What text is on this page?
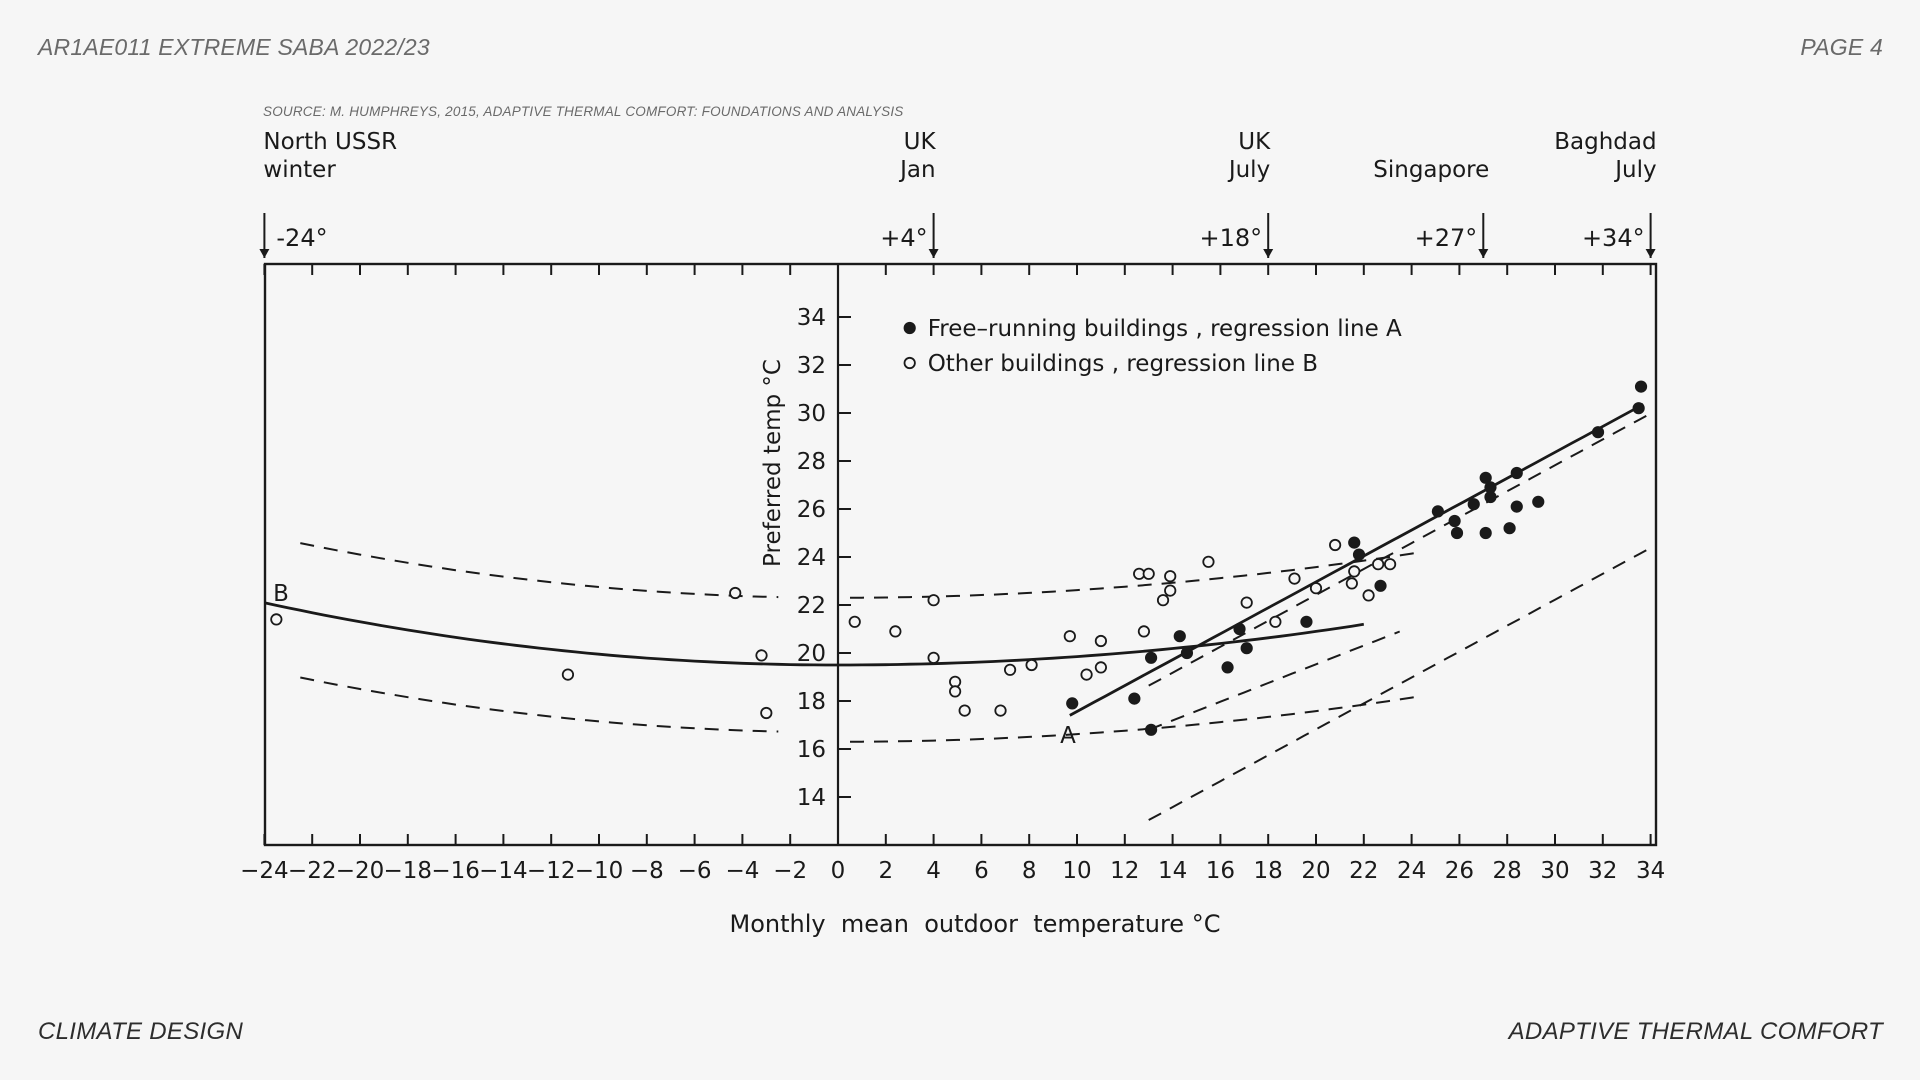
AR1AE011 EXTREME SABA 2022/23	PAGE 4
SOURCE: M. HUMPHREYS, 2015, ADAPTIVE THERMAL COMFORT: FOUNDATIONS AND ANALYSIS
−24 −22 −20 −18 −16 −14 −12 −10 −8 −6 −4 −2 0 2 4 6 8 10 12 14 16 18 20 22 24 26 28 30 32 34
14
16
18
20
22
24
26
28
30
32
34
North USSR
winter
-24°
UK
Jan
+4°
UK
July
+18°
Singapore
+27°
Baghdad
July
+34°
Free–running buildings , regression line A
Other buildings , regression line B
Monthly  mean  outdoor  temperature °C
Preferred temp °C
A
B
CLIMATE DESIGN	ADAPTIVE THERMAL COMFORT
